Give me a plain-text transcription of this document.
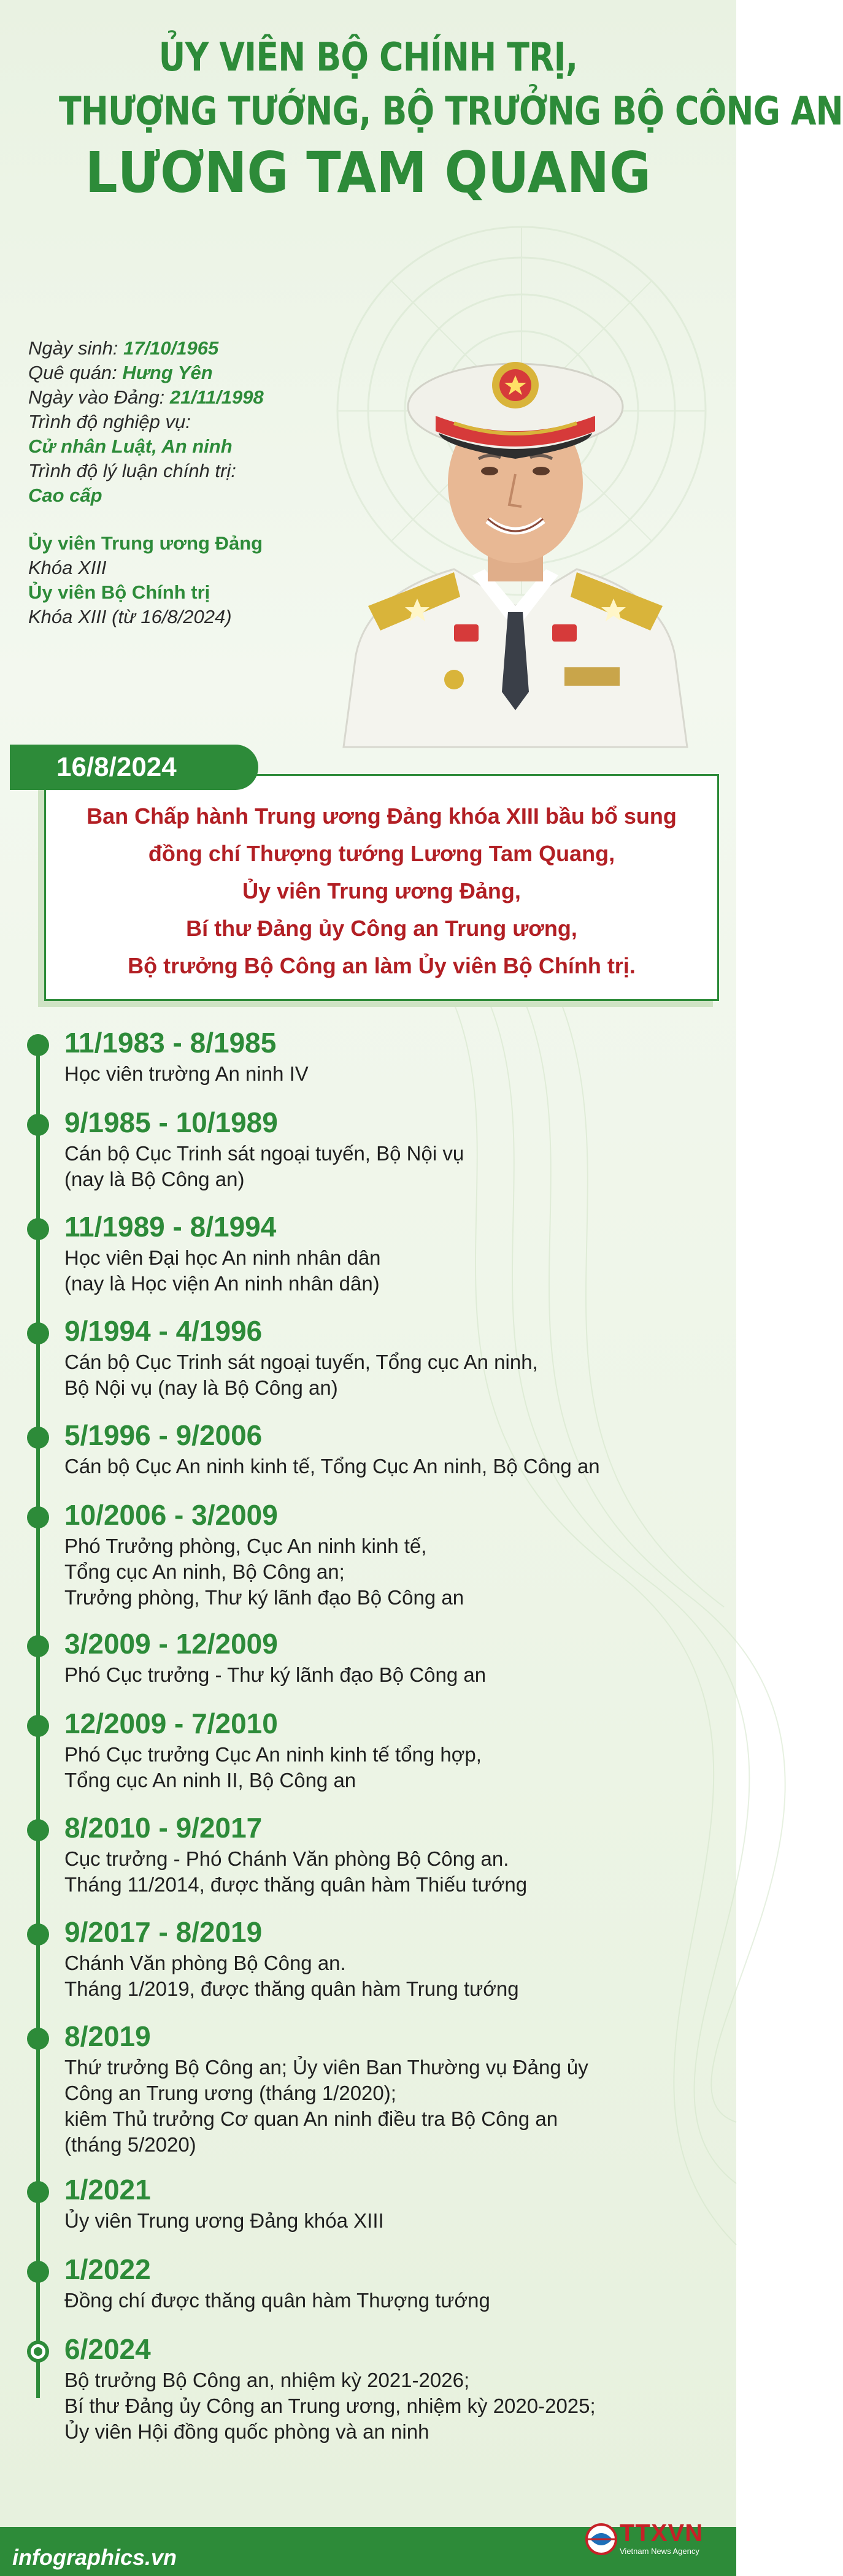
ỦY VIÊN BỘ CHÍNH TRỊ,
THƯỢNG TƯỚNG, BỘ TRƯỞNG BỘ CÔNG AN
LƯƠNG TAM QUANG
Ngày sinh: 17/10/1965
Quê quán: Hưng Yên
Ngày vào Đảng: 21/11/1998
Trình độ nghiệp vụ:
Cử nhân Luật, An ninh
Trình độ lý luận chính trị:
Cao cấp
Ủy viên Trung ương Đảng
Khóa XIII
Ủy viên Bộ Chính trị
Khóa XIII (từ 16/8/2024)
16/8/2024
Ban Chấp hành Trung ương Đảng khóa XIII bầu bổ sung
đồng chí Thượng tướng Lương Tam Quang,
Ủy viên Trung ương Đảng,
Bí thư Đảng ủy Công an Trung ương,
Bộ trưởng Bộ Công an làm Ủy viên Bộ Chính trị.
11/1983 - 8/1985
Học viên trường An ninh IV
9/1985 - 10/1989
Cán bộ Cục Trinh sát ngoại tuyến, Bộ Nội vụ
(nay là Bộ Công an)
11/1989 - 8/1994
Học viên Đại học An ninh nhân dân
(nay là Học viện An ninh nhân dân)
9/1994 - 4/1996
Cán bộ Cục Trinh sát ngoại tuyến, Tổng cục An ninh,
Bộ Nội vụ (nay là Bộ Công an)
5/1996 - 9/2006
Cán bộ Cục An ninh kinh tế, Tổng Cục An ninh, Bộ Công an
10/2006 - 3/2009
Phó Trưởng phòng, Cục An ninh kinh tế,
Tổng cục An ninh, Bộ Công an;
Trưởng phòng, Thư ký lãnh đạo Bộ Công an
3/2009 - 12/2009
Phó Cục trưởng - Thư ký lãnh đạo Bộ Công an
12/2009 - 7/2010
Phó Cục trưởng Cục An ninh kinh tế tổng hợp,
Tổng cục An ninh II, Bộ Công an
8/2010 - 9/2017
Cục trưởng - Phó Chánh Văn phòng Bộ Công an.
Tháng 11/2014, được thăng quân hàm Thiếu tướng
9/2017 - 8/2019
Chánh Văn phòng Bộ Công an.
Tháng 1/2019, được thăng quân hàm Trung tướng
8/2019
Thứ trưởng Bộ Công an; Ủy viên Ban Thường vụ Đảng ủy
Công an Trung ương (tháng 1/2020);
kiêm Thủ trưởng Cơ quan An ninh điều tra Bộ Công an
(tháng 5/2020)
1/2021
Ủy viên Trung ương Đảng khóa XIII
1/2022
Đồng chí được thăng quân hàm Thượng tướng
6/2024
Bộ trưởng Bộ Công an, nhiệm kỳ 2021-2026;
Bí thư Đảng ủy Công an Trung ương, nhiệm kỳ 2020-2025;
Ủy viên Hội đồng quốc phòng và an ninh
infographics.vn
TTXVN
Vietnam News Agency
